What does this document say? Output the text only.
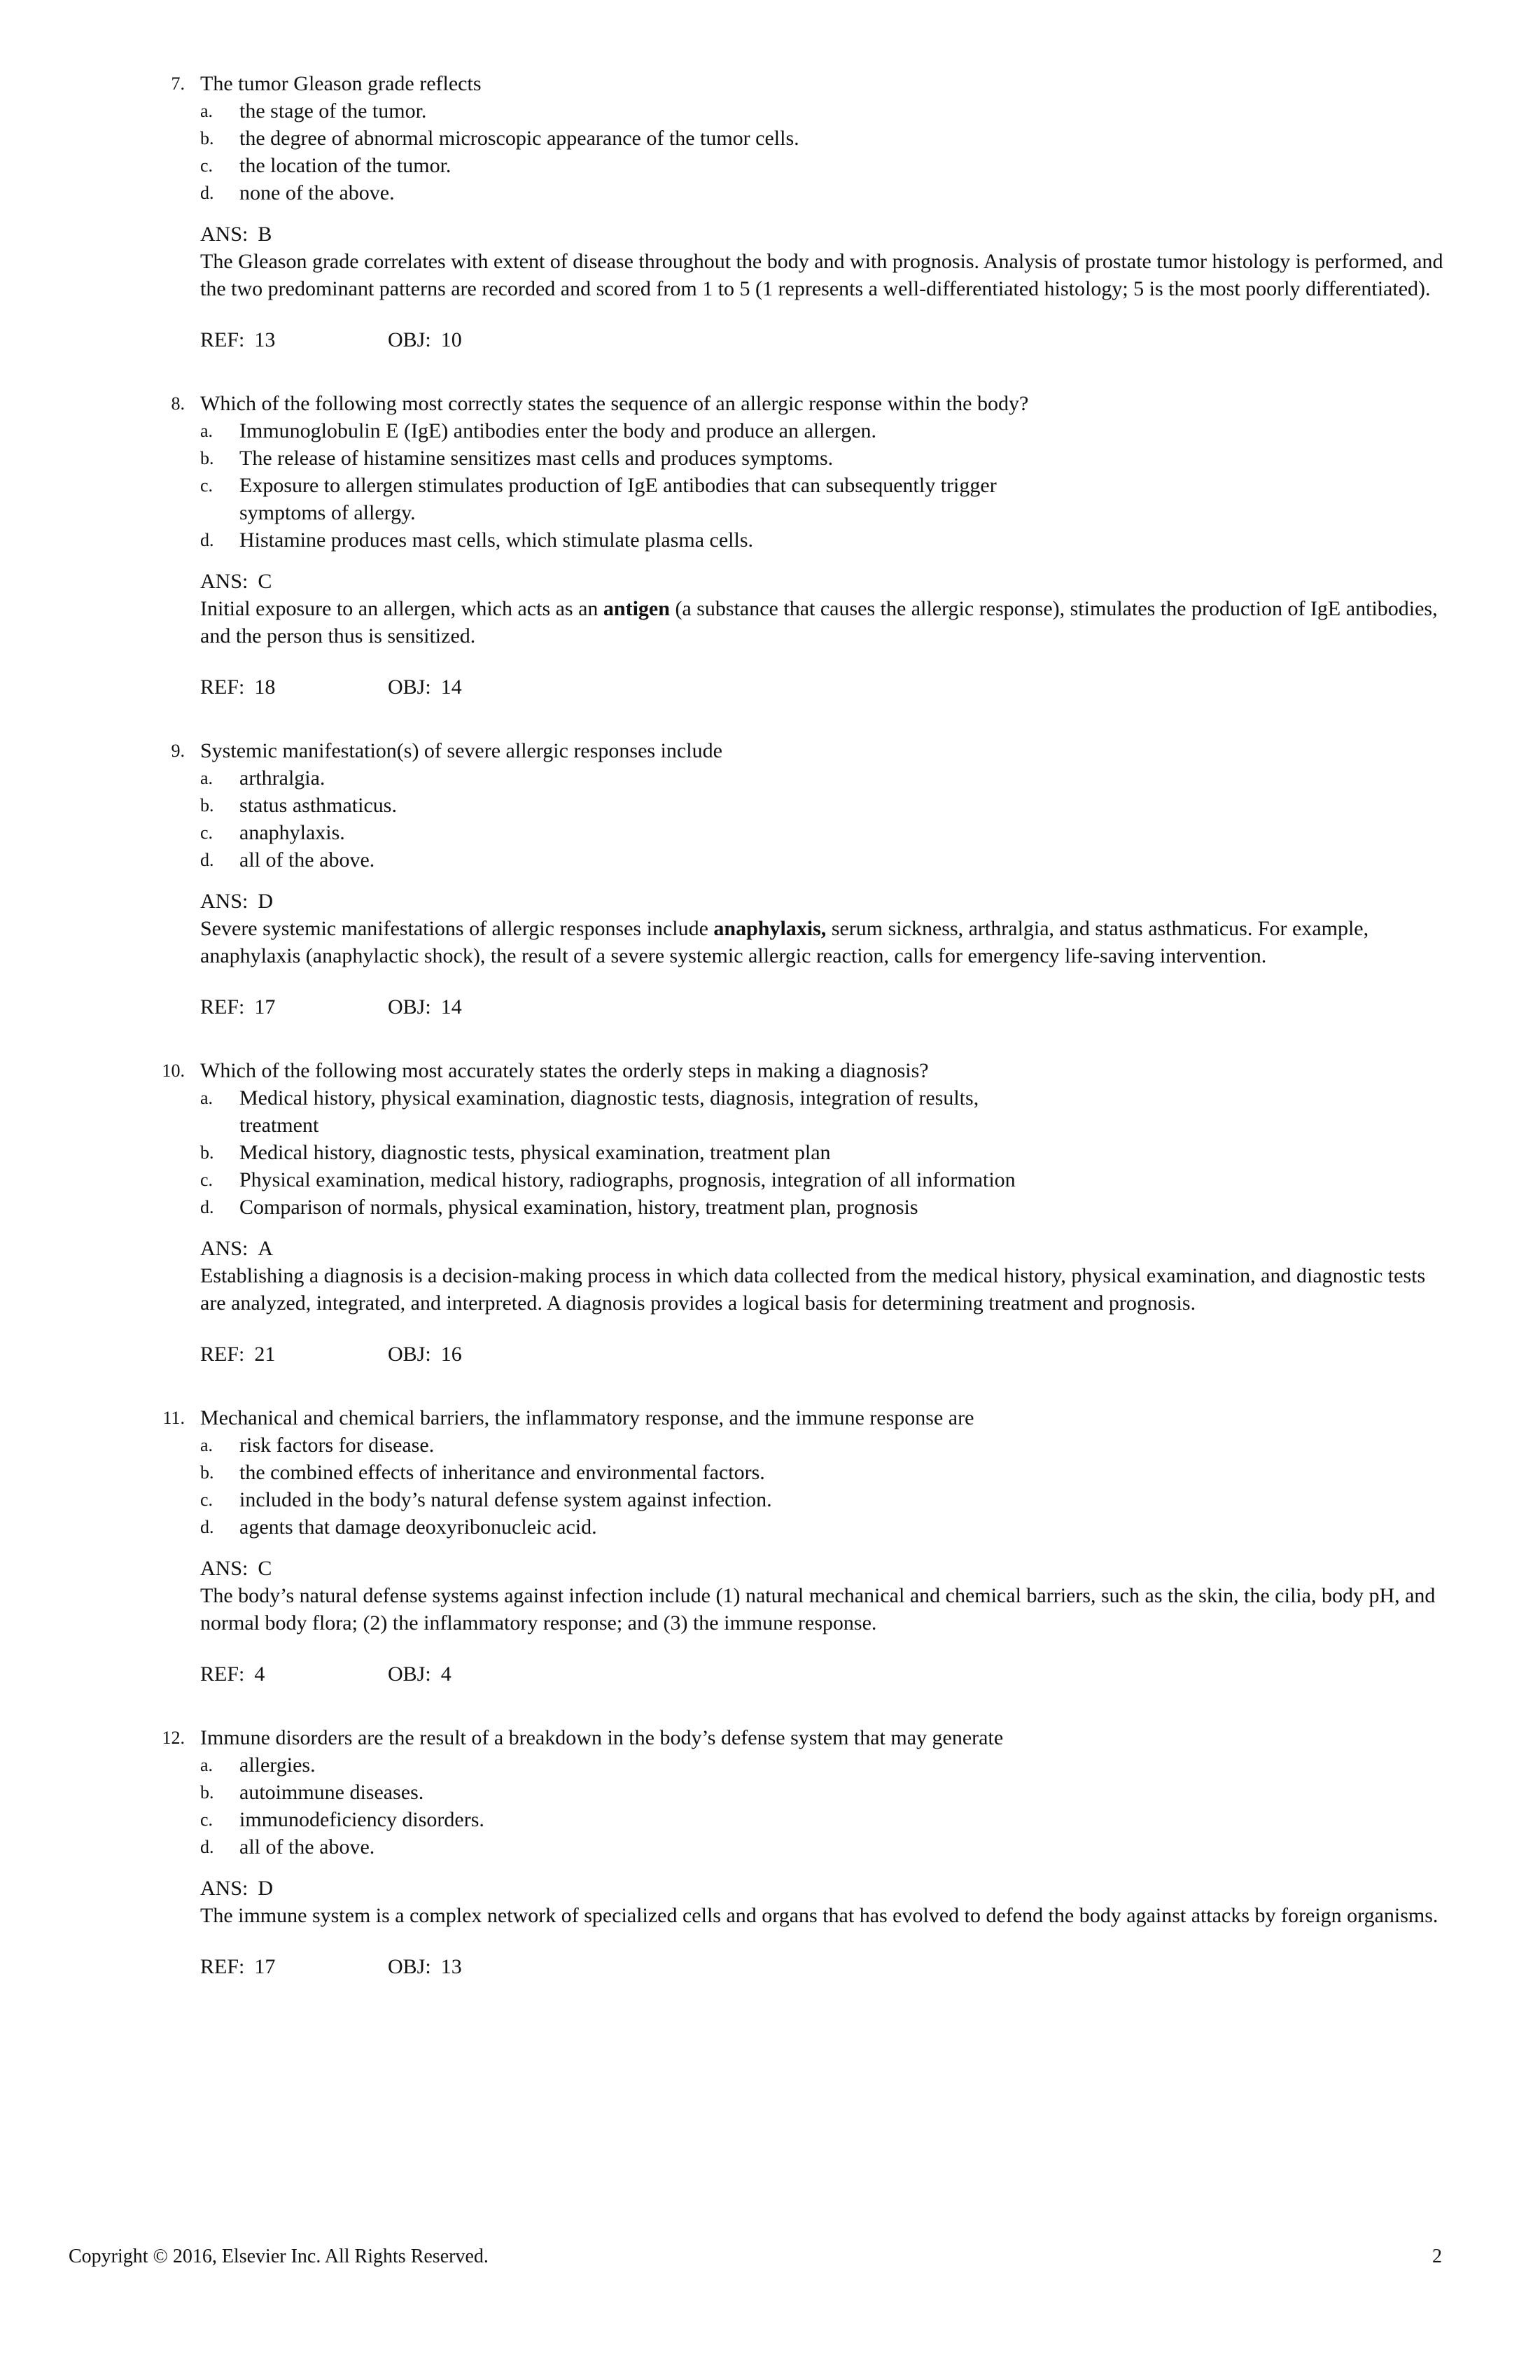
7. The tumor Gleason grade reflects
a. the stage of the tumor.
b. the degree of abnormal microscopic appearance of the tumor cells.
c. the location of the tumor.
d. none of the above.
ANS: B
The Gleason grade correlates with extent of disease throughout the body and with prognosis. Analysis of prostate tumor histology is performed, and the two predominant patterns are recorded and scored from 1 to 5 (1 represents a well-differentiated histology; 5 is the most poorly differentiated).
REF: 13	OBJ: 10
8. Which of the following most correctly states the sequence of an allergic response within the body?
a. Immunoglobulin E (IgE) antibodies enter the body and produce an allergen.
b. The release of histamine sensitizes mast cells and produces symptoms.
c. Exposure to allergen stimulates production of IgE antibodies that can subsequently trigger symptoms of allergy.
d. Histamine produces mast cells, which stimulate plasma cells.
ANS: C
Initial exposure to an allergen, which acts as an antigen (a substance that causes the allergic response), stimulates the production of IgE antibodies, and the person thus is sensitized.
REF: 18	OBJ: 14
9. Systemic manifestation(s) of severe allergic responses include
a. arthralgia.
b. status asthmaticus.
c. anaphylaxis.
d. all of the above.
ANS: D
Severe systemic manifestations of allergic responses include anaphylaxis, serum sickness, arthralgia, and status asthmaticus. For example, anaphylaxis (anaphylactic shock), the result of a severe systemic allergic reaction, calls for emergency life-saving intervention.
REF: 17	OBJ: 14
10. Which of the following most accurately states the orderly steps in making a diagnosis?
a. Medical history, physical examination, diagnostic tests, diagnosis, integration of results, treatment
b. Medical history, diagnostic tests, physical examination, treatment plan
c. Physical examination, medical history, radiographs, prognosis, integration of all information
d. Comparison of normals, physical examination, history, treatment plan, prognosis
ANS: A
Establishing a diagnosis is a decision-making process in which data collected from the medical history, physical examination, and diagnostic tests are analyzed, integrated, and interpreted. A diagnosis provides a logical basis for determining treatment and prognosis.
REF: 21	OBJ: 16
11. Mechanical and chemical barriers, the inflammatory response, and the immune response are
a. risk factors for disease.
b. the combined effects of inheritance and environmental factors.
c. included in the body’s natural defense system against infection.
d. agents that damage deoxyribonucleic acid.
ANS: C
The body’s natural defense systems against infection include (1) natural mechanical and chemical barriers, such as the skin, the cilia, body pH, and normal body flora; (2) the inflammatory response; and (3) the immune response.
REF: 4	OBJ: 4
12. Immune disorders are the result of a breakdown in the body’s defense system that may generate
a. allergies.
b. autoimmune diseases.
c. immunodeficiency disorders.
d. all of the above.
ANS: D
The immune system is a complex network of specialized cells and organs that has evolved to defend the body against attacks by foreign organisms.
REF: 17	OBJ: 13
Copyright © 2016, Elsevier Inc. All Rights Reserved.	2
